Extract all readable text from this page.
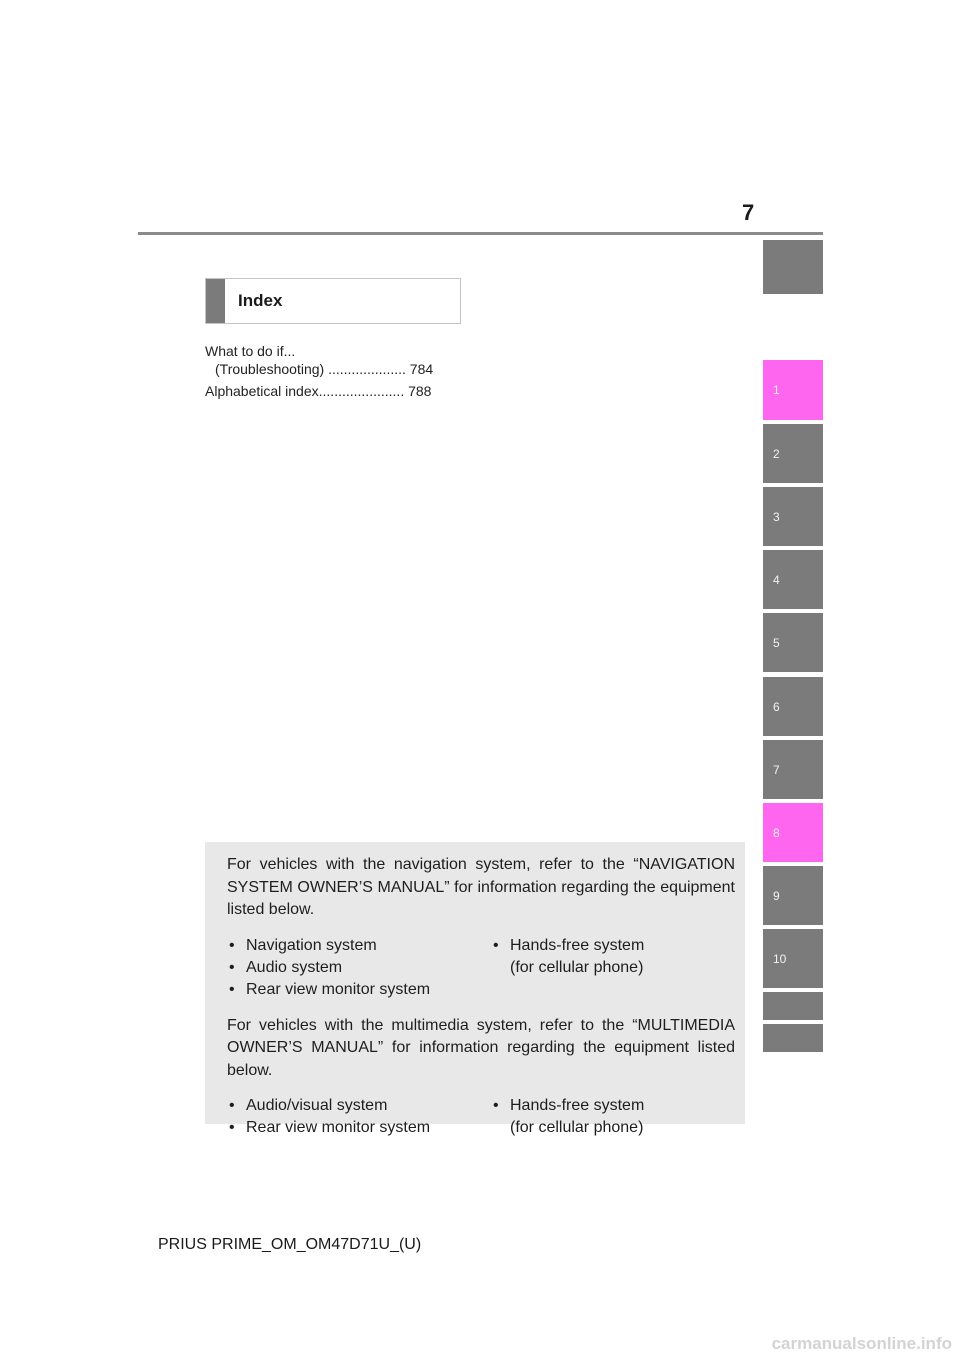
7
1
2
3
4
5
6
7
8
9
10
Index
What to do if...
(Troubleshooting) .................... 784
Alphabetical index...................... 788

For vehicles with the navigation system, refer to the “NAVIGATION SYSTEM OWNER’S MANUAL” for information regarding the equipment listed below.

• Navigation system
• Audio system
• Rear view monitor system
• Hands-free system
(for cellular phone)

For vehicles with the multimedia system, refer to the “MULTIMEDIA OWNER’S MANUAL” for information regarding the equipment listed below.

• Audio/visual system
• Rear view monitor system
• Hands-free system
(for cellular phone)
PRIUS PRIME_OM_OM47D71U_(U)
carmanualsonline.info
